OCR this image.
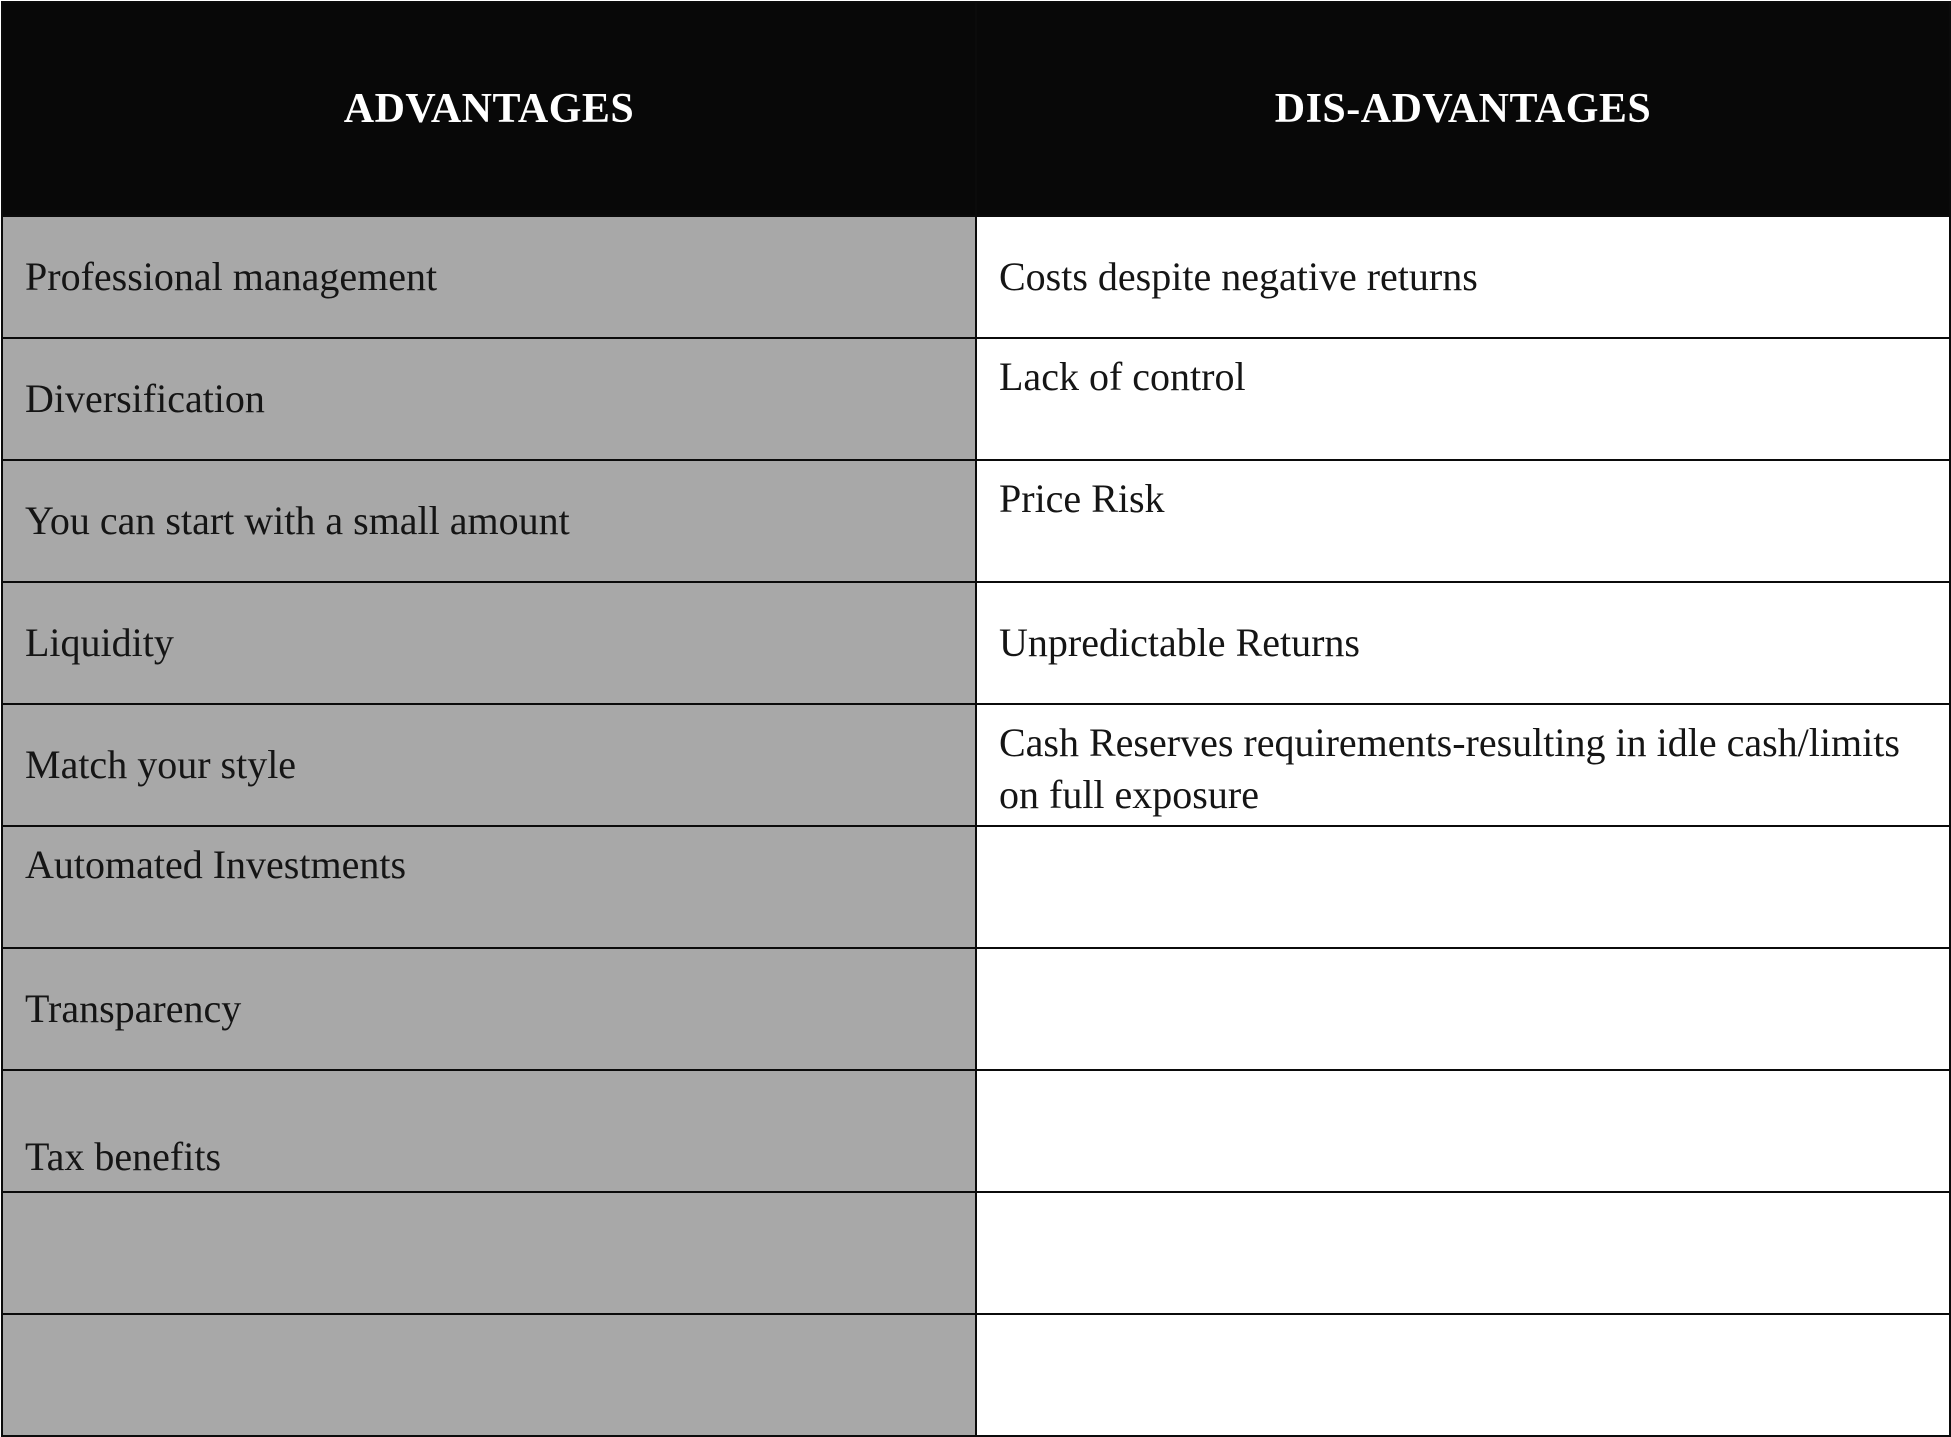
ADVANTAGES	DIS-ADVANTAGES
Professional management	Costs despite negative returns
Diversification	Lack of control
You can start with a small amount	Price Risk
Liquidity	Unpredictable Returns
Match your style	Cash Reserves requirements-resulting in idle cash/limits on full exposure
Automated Investments	
Transparency	
Tax benefits	
